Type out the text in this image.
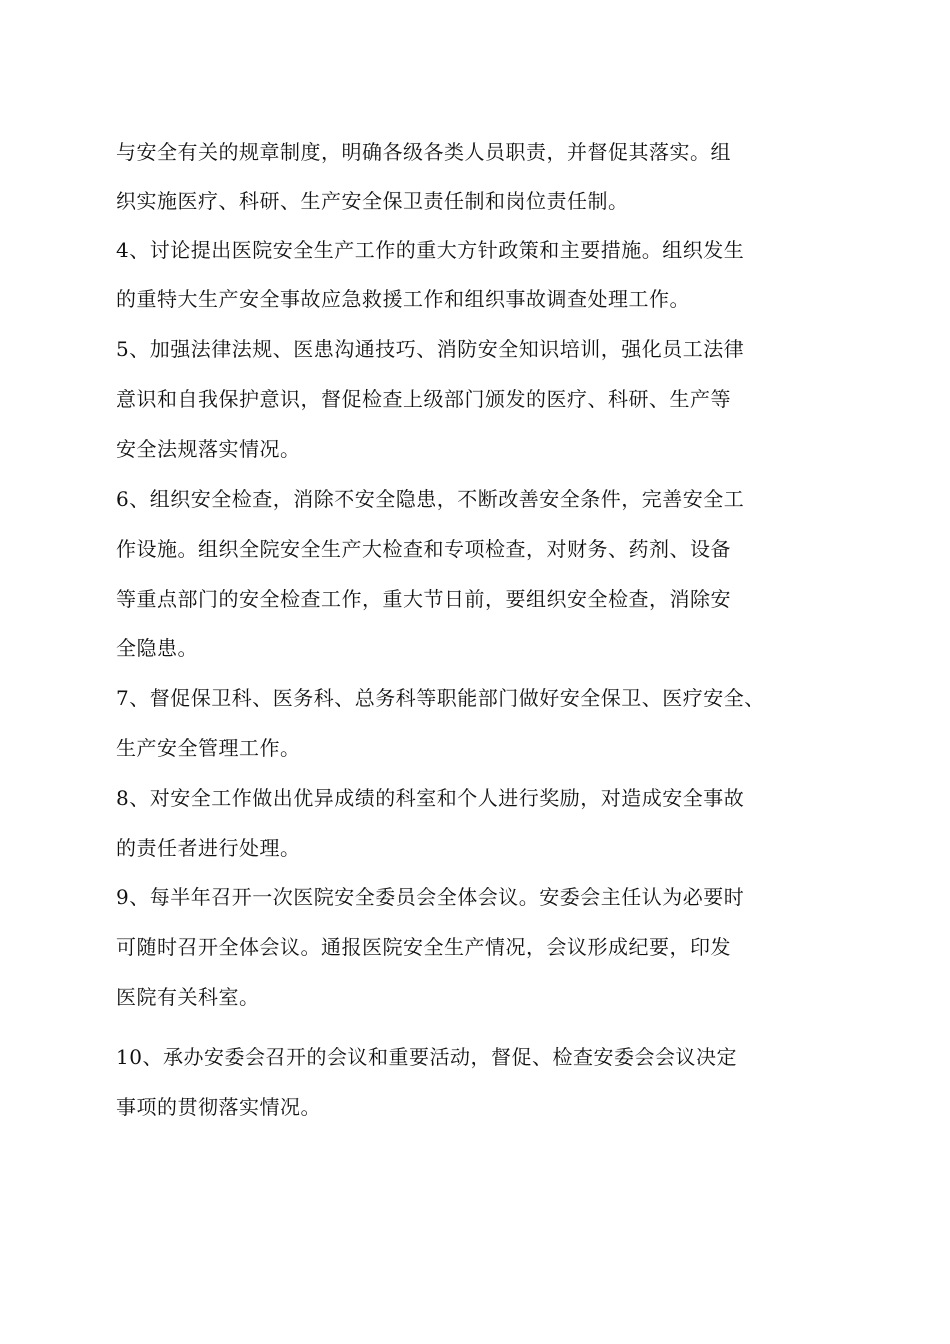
与安全有关的规章制度，明确各级各类人员职责，并督促其落实。组
织实施医疗、科研、生产安全保卫责任制和岗位责任制。
4、讨论提出医院安全生产工作的重大方针政策和主要措施。组织发生
的重特大生产安全事故应急救援工作和组织事故调查处理工作。
5、加强法律法规、医患沟通技巧、消防安全知识培训，强化员工法律
意识和自我保护意识，督促检查上级部门颁发的医疗、科研、生产等
安全法规落实情况。
6、组织安全检查，消除不安全隐患，不断改善安全条件，完善安全工
作设施。组织全院安全生产大检查和专项检查，对财务、药剂、设备
等重点部门的安全检查工作，重大节日前，要组织安全检查，消除安
全隐患。
7、督促保卫科、医务科、总务科等职能部门做好安全保卫、医疗安全、
生产安全管理工作。
8、对安全工作做出优异成绩的科室和个人进行奖励，对造成安全事故
的责任者进行处理。
9、每半年召开一次医院安全委员会全体会议。安委会主任认为必要时
可随时召开全体会议。通报医院安全生产情况，会议形成纪要，印发
医院有关科室。
10、承办安委会召开的会议和重要活动，督促、检查安委会会议决定
事项的贯彻落实情况。
